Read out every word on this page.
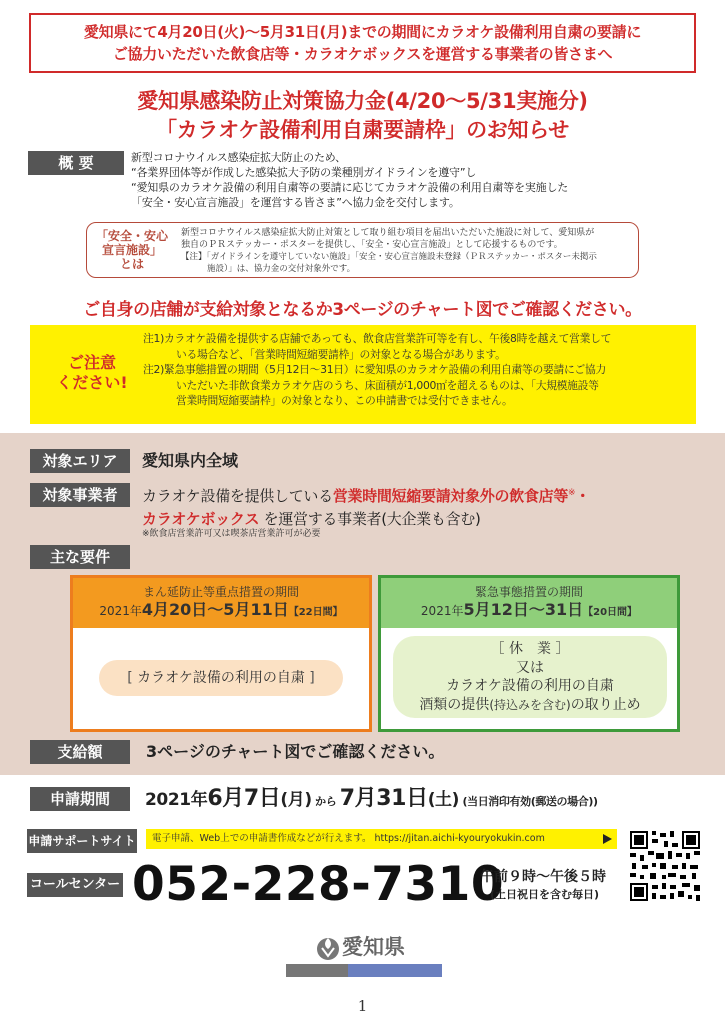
愛知県にて4月20日(火)〜5月31日(月)までの期間にカラオケ設備利用自粛の要請に
ご協力いただいた飲食店等・カラオケボックスを運営する事業者の皆さまへ
愛知県感染防止対策協力金(4/20〜5/31実施分)
「カラオケ設備利用自粛要請枠」のお知らせ
概 要	新型コロナウイルス感染症拡大防止のため、
“各業界団体等が作成した感染拡大予防の業種別ガイドラインを遵守”し
“愛知県のカラオケ設備の利用自粛等の要請に応じてカラオケ設備の利用自粛等を実施した
「安全・安心宣言施設」を運営する皆さま”へ協力金を交付します。
「安全・安心
宣言施設」
とは
新型コロナウイルス感染症拡大防止対策として取り組む項目を届出いただいた施設に対して、愛知県が
独自のＰＲステッカー・ポスターを提供し、「安全・安心宣言施設」として応援するものです。
【注】「ガイドラインを遵守していない施設」「安全・安心宣言施設未登録（ＰＲステッカー・ポスター未掲示
施設）」は、協力金の交付対象外です。
ご自身の店舗が支給対象となるか3ページのチャート図でご確認ください。
ご注意
ください!
注1)カラオケ設備を提供する店舗であっても、飲食店営業許可等を有し、午後8時を越えて営業して
いる場合など、「営業時間短縮要請枠」の対象となる場合があります。
注2)緊急事態措置の期間（5月12日〜31日）に愛知県のカラオケ設備の利用自粛等の要請にご協力
いただいた非飲食業カラオケ店のうち、床面積が1,000㎡を超えるものは、「大規模施設等
営業時間短縮要請枠」の対象となり、この申請書では受付できません。
対象エリア	愛知県内全域
対象事業者	カラオケ設備を提供している営業時間短縮要請対象外の飲食店等※・
カラオケボックス を運営する事業者(大企業も含む)
※飲食店営業許可又は喫茶店営業許可が必要
主な要件
まん延防止等重点措置の期間
2021年4月20日〜5月11日【22日間】
[ カラオケ設備の利用の自粛 ]
緊急事態措置の期間
2021年5月12日〜31日【20日間】
［ 休　業 ］
又は
カラオケ設備の利用の自粛
酒類の提供(持込みを含む)の取り止め
支給額	3ページのチャート図でご確認ください。
申請期間	2021年6月7日(月) から 7月31日(土) (当日消印有効(郵送の場合))
申請サポートサイト	電子申請、Web上での申請書作成などが行えます。 https://jitan.aichi-kyouryokukin.com
コールセンター 052-228-7310
午前９時〜午後５時
(土日祝日を含む毎日)
愛知県
1
